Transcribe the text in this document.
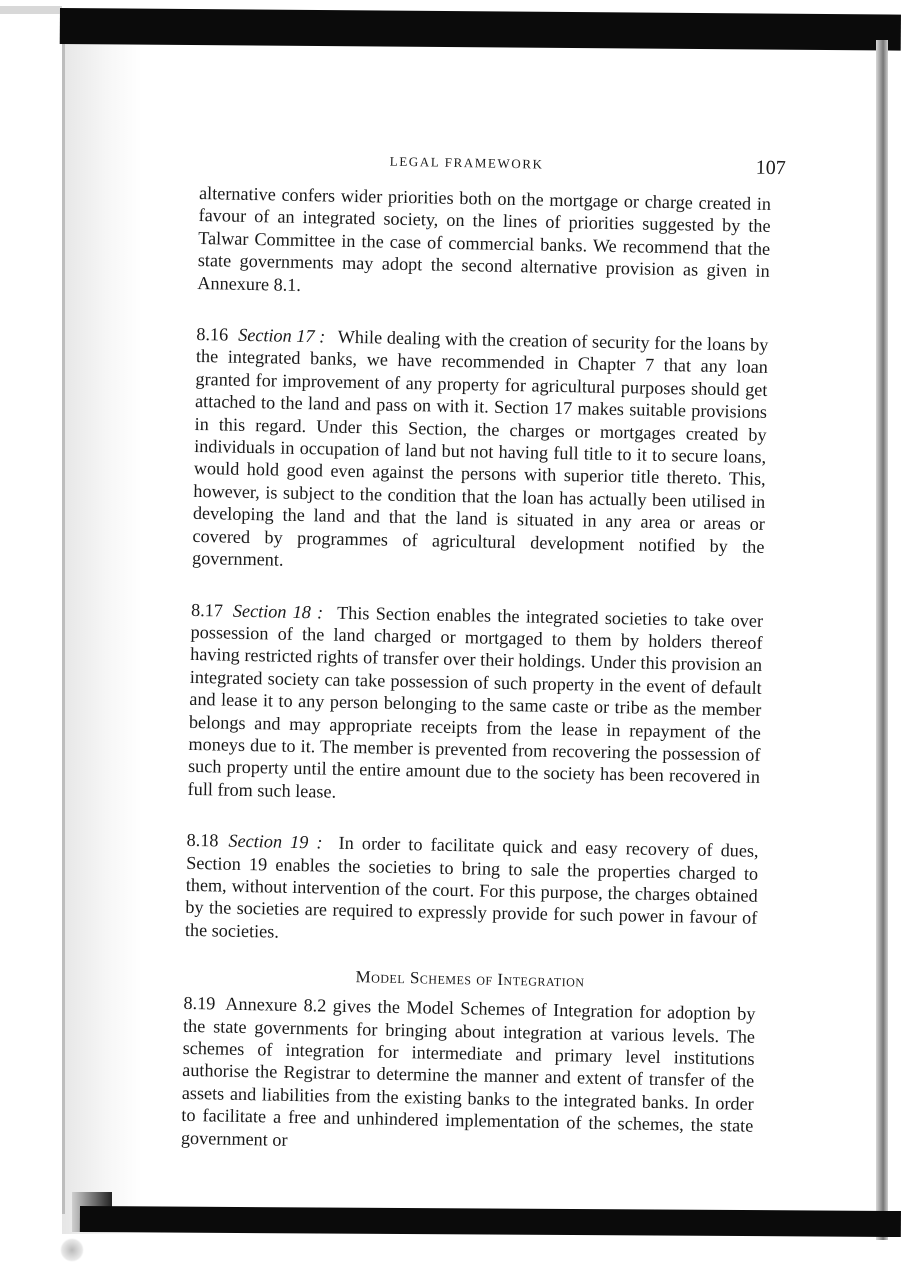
LEGAL FRAMEWORK	107

alternative confers wider priorities both on the mortgage or charge created in favour of an integrated society, on the lines of priorities suggested by the Talwar Committee in the case of commercial banks. We recommend that the state governments may adopt the second alternative provision as given in Annexure 8.1.

8.16 Section 17 : While dealing with the creation of security for the loans by the integrated banks, we have recommended in Chapter 7 that any loan granted for improvement of any property for agricultural purposes should get attached to the land and pass on with it. Section 17 makes suitable provisions in this regard. Under this Section, the charges or mortgages created by individuals in occupation of land but not having full title to it to secure loans, would hold good even against the persons with superior title thereto. This, however, is subject to the condition that the loan has actually been utilised in developing the land and that the land is situated in any area or areas or covered by programmes of agricultural development notified by the government.

8.17 Section 18 : This Section enables the integrated societies to take over possession of the land charged or mortgaged to them by holders thereof having restricted rights of transfer over their holdings. Under this provision an integrated society can take possession of such property in the event of default and lease it to any person belonging to the same caste or tribe as the member belongs and may appropriate receipts from the lease in repayment of the moneys due to it. The member is prevented from recovering the possession of such property until the entire amount due to the society has been recovered in full from such lease.

8.18 Section 19 : In order to facilitate quick and easy recovery of dues, Section 19 enables the societies to bring to sale the properties charged to them, without intervention of the court. For this purpose, the charges obtained by the societies are required to expressly provide for such power in favour of the societies.

Model Schemes of Integration

8.19 Annexure 8.2 gives the Model Schemes of Integration for adoption by the state governments for bringing about integration at various levels. The schemes of integration for intermediate and primary level institutions authorise the Registrar to determine the manner and extent of transfer of the assets and liabilities from the existing banks to the integrated banks. In order to facilitate a free and unhindered implementation of the schemes, the state government or
